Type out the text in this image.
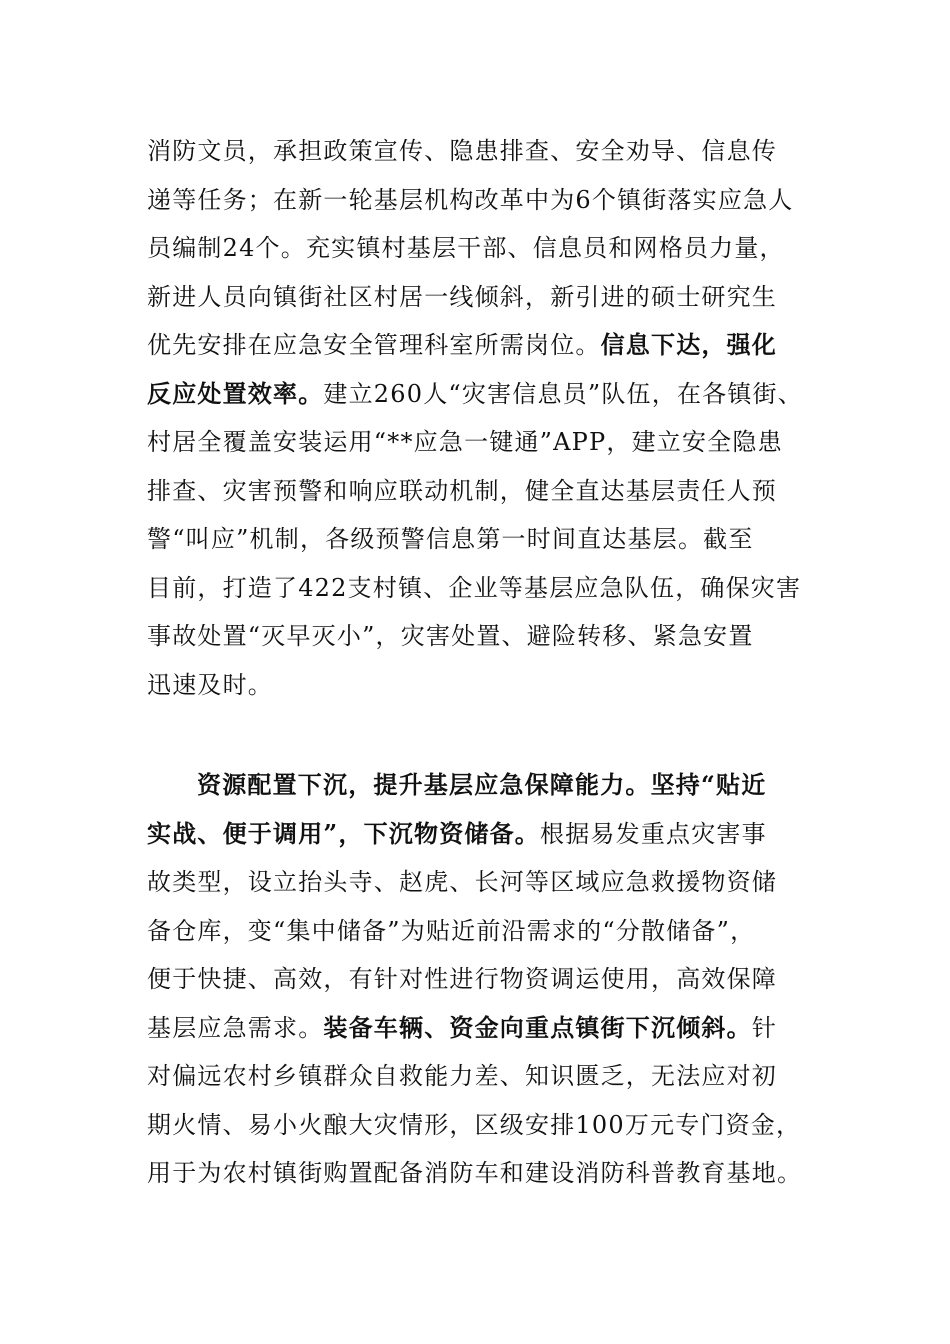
消防文员，承担政策宣传、隐患排查、安全劝导、信息传
递等任务；在新一轮基层机构改革中为6个镇街落实应急人
员编制24个。充实镇村基层干部、信息员和网格员力量，
新进人员向镇街社区村居一线倾斜，新引进的硕士研究生
优先安排在应急安全管理科室所需岗位。信息下达，强化
反应处置效率。建立260人“灾害信息员”队伍，在各镇街、
村居全覆盖安装运用“**应急一键通”APP，建立安全隐患
排查、灾害预警和响应联动机制，健全直达基层责任人预
警“叫应”机制，各级预警信息第一时间直达基层。截至
目前，打造了422支村镇、企业等基层应急队伍，确保灾害
事故处置“灭早灭小”，灾害处置、避险转移、紧急安置
迅速及时。
资源配置下沉，提升基层应急保障能力。坚持“贴近
实战、便于调用”，下沉物资储备。根据易发重点灾害事
故类型，设立抬头寺、赵虎、长河等区域应急救援物资储
备仓库，变“集中储备”为贴近前沿需求的“分散储备”，
便于快捷、高效，有针对性进行物资调运使用，高效保障
基层应急需求。装备车辆、资金向重点镇街下沉倾斜。针
对偏远农村乡镇群众自救能力差、知识匮乏，无法应对初
期火情、易小火酿大灾情形，区级安排100万元专门资金，
用于为农村镇街购置配备消防车和建设消防科普教育基地。
